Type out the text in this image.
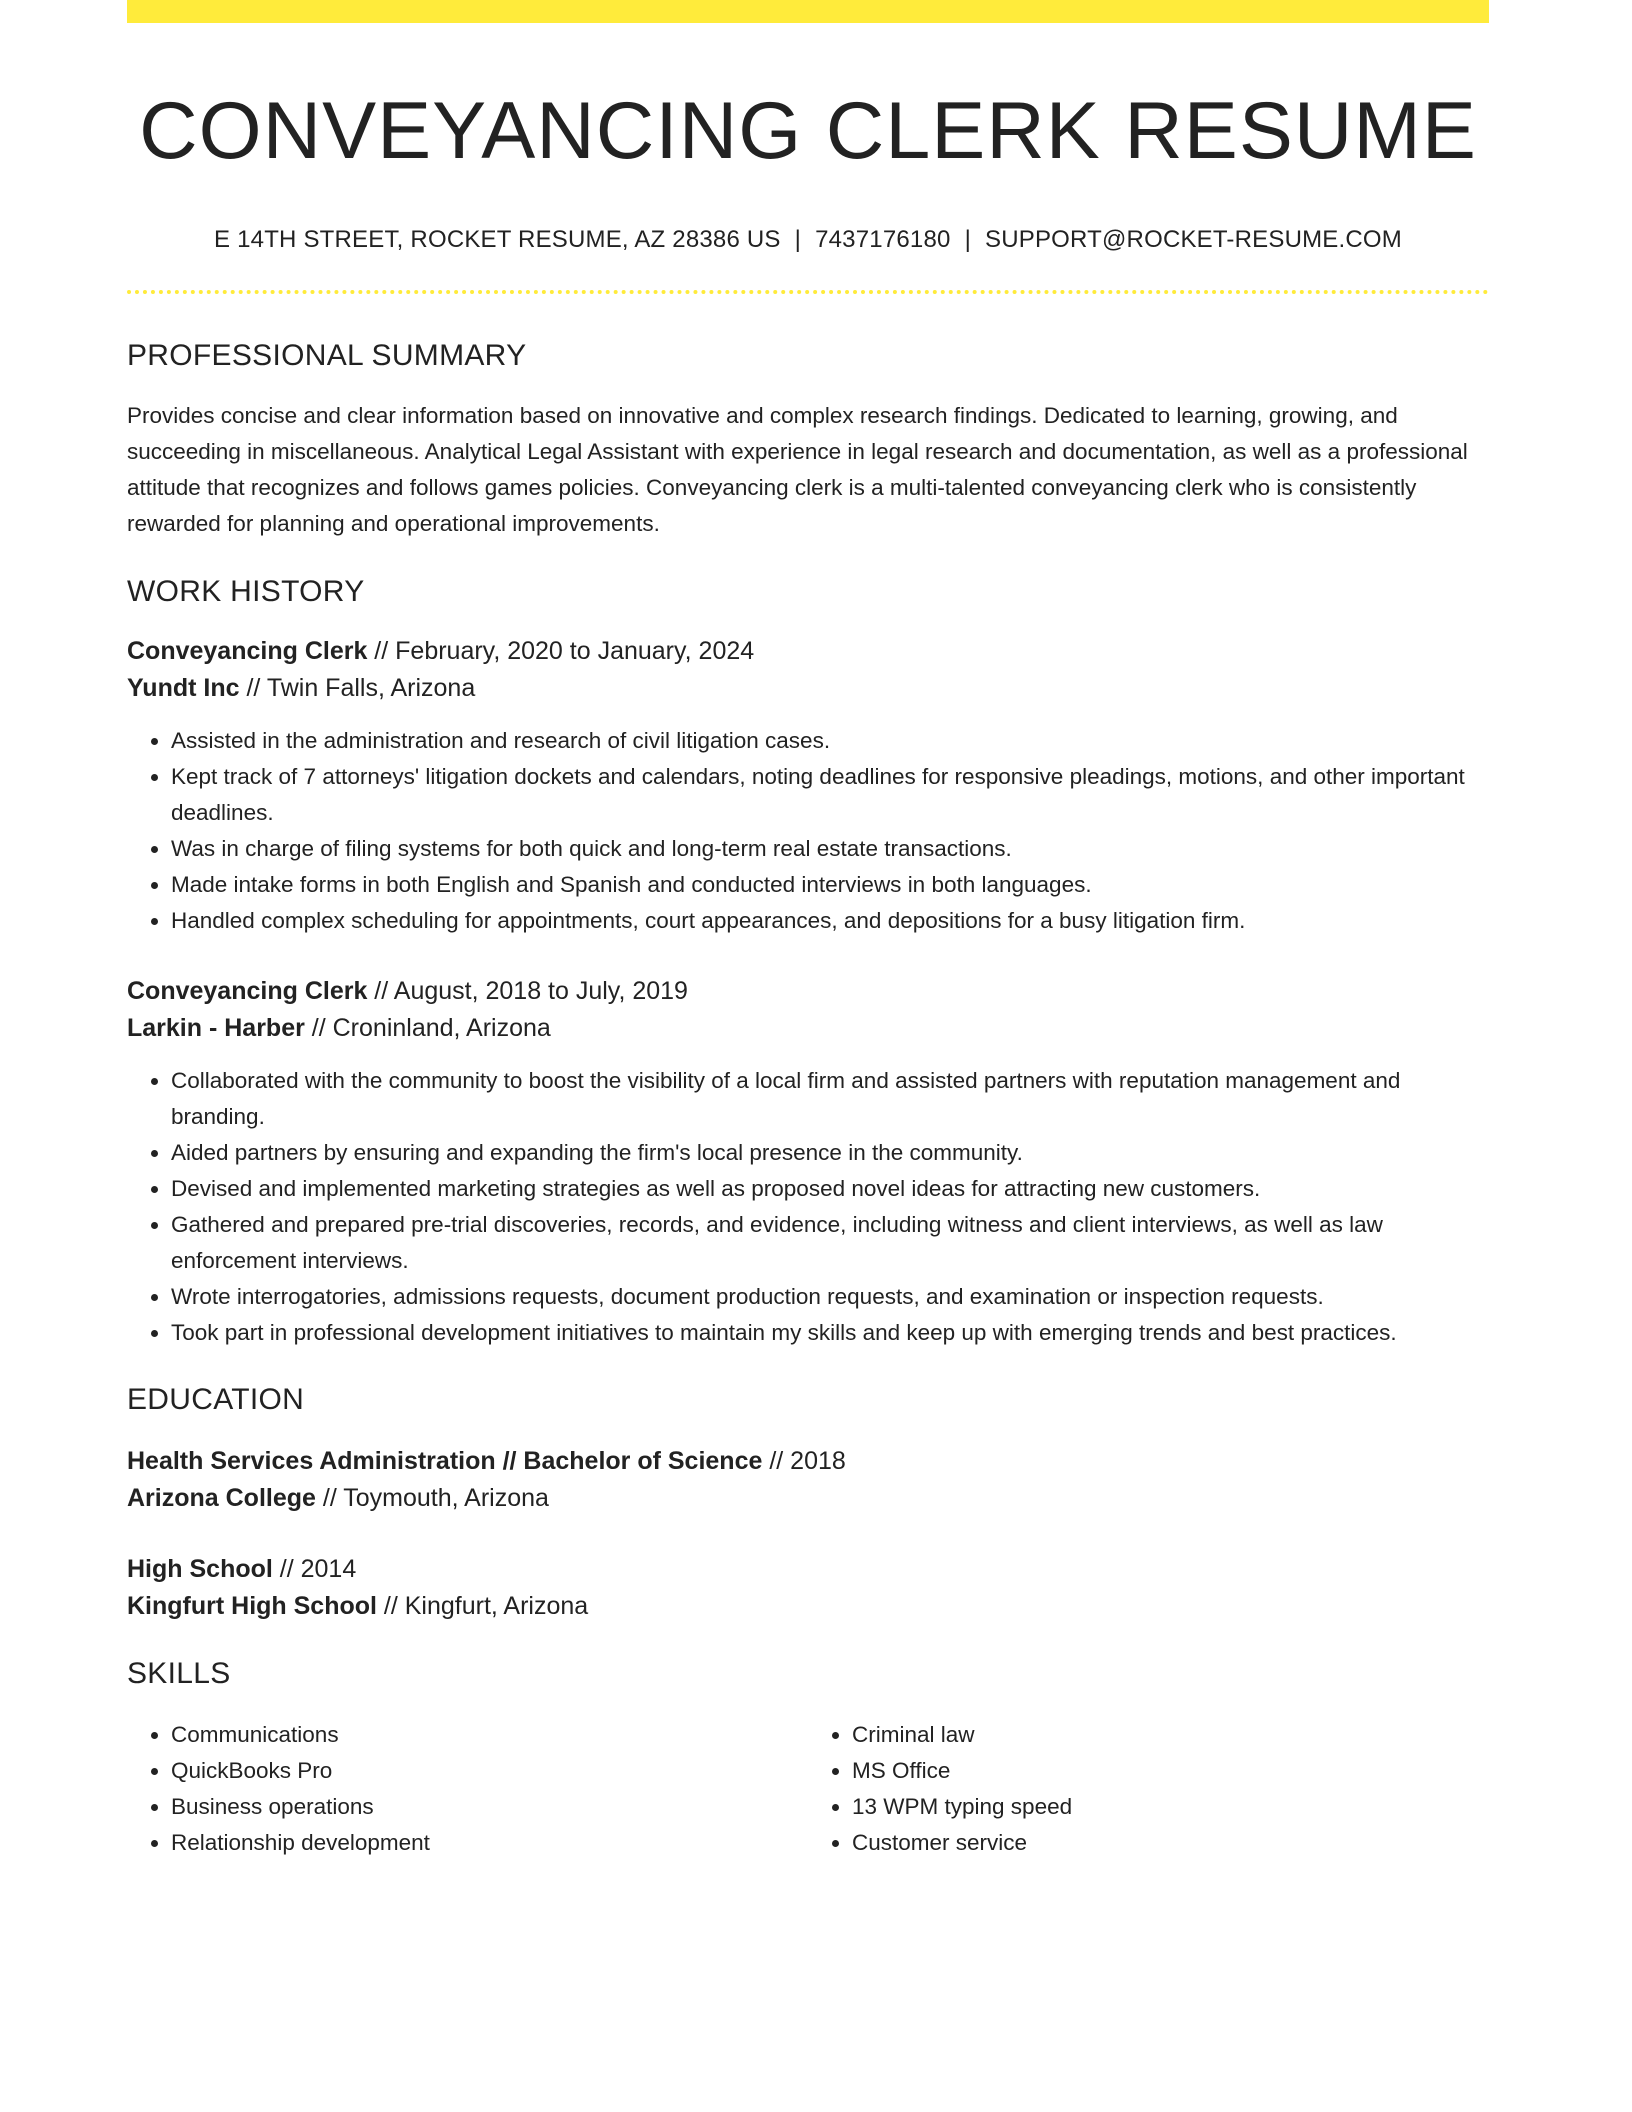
CONVEYANCING CLERK RESUME
E 14TH STREET, ROCKET RESUME, AZ 28386 US | 7437176180 | SUPPORT@ROCKET-RESUME.COM
PROFESSIONAL SUMMARY

Provides concise and clear information based on innovative and complex research findings. Dedicated to learning, growing, and succeeding in miscellaneous. Analytical Legal Assistant with experience in legal research and documentation, as well as a professional attitude that recognizes and follows games policies. Conveyancing clerk is a multi-talented conveyancing clerk who is consistently rewarded for planning and operational improvements.

WORK HISTORY
Conveyancing Clerk // February, 2020 to January, 2024
Yundt Inc // Twin Falls, Arizona
• Assisted in the administration and research of civil litigation cases.
• Kept track of 7 attorneys' litigation dockets and calendars, noting deadlines for responsive pleadings, motions, and other important deadlines.
• Was in charge of filing systems for both quick and long-term real estate transactions.
• Made intake forms in both English and Spanish and conducted interviews in both languages.
• Handled complex scheduling for appointments, court appearances, and depositions for a busy litigation firm.
Conveyancing Clerk // August, 2018 to July, 2019
Larkin - Harber // Croninland, Arizona
• Collaborated with the community to boost the visibility of a local firm and assisted partners with reputation management and branding.
• Aided partners by ensuring and expanding the firm's local presence in the community.
• Devised and implemented marketing strategies as well as proposed novel ideas for attracting new customers.
• Gathered and prepared pre-trial discoveries, records, and evidence, including witness and client interviews, as well as law enforcement interviews.
• Wrote interrogatories, admissions requests, document production requests, and examination or inspection requests.
• Took part in professional development initiatives to maintain my skills and keep up with emerging trends and best practices.
EDUCATION
Health Services Administration // Bachelor of Science // 2018
Arizona College // Toymouth, Arizona
High School // 2014
Kingfurt High School // Kingfurt, Arizona
SKILLS
• Communications
• QuickBooks Pro
• Business operations
• Relationship development
• Criminal law
• MS Office
• 13 WPM typing speed
• Customer service
